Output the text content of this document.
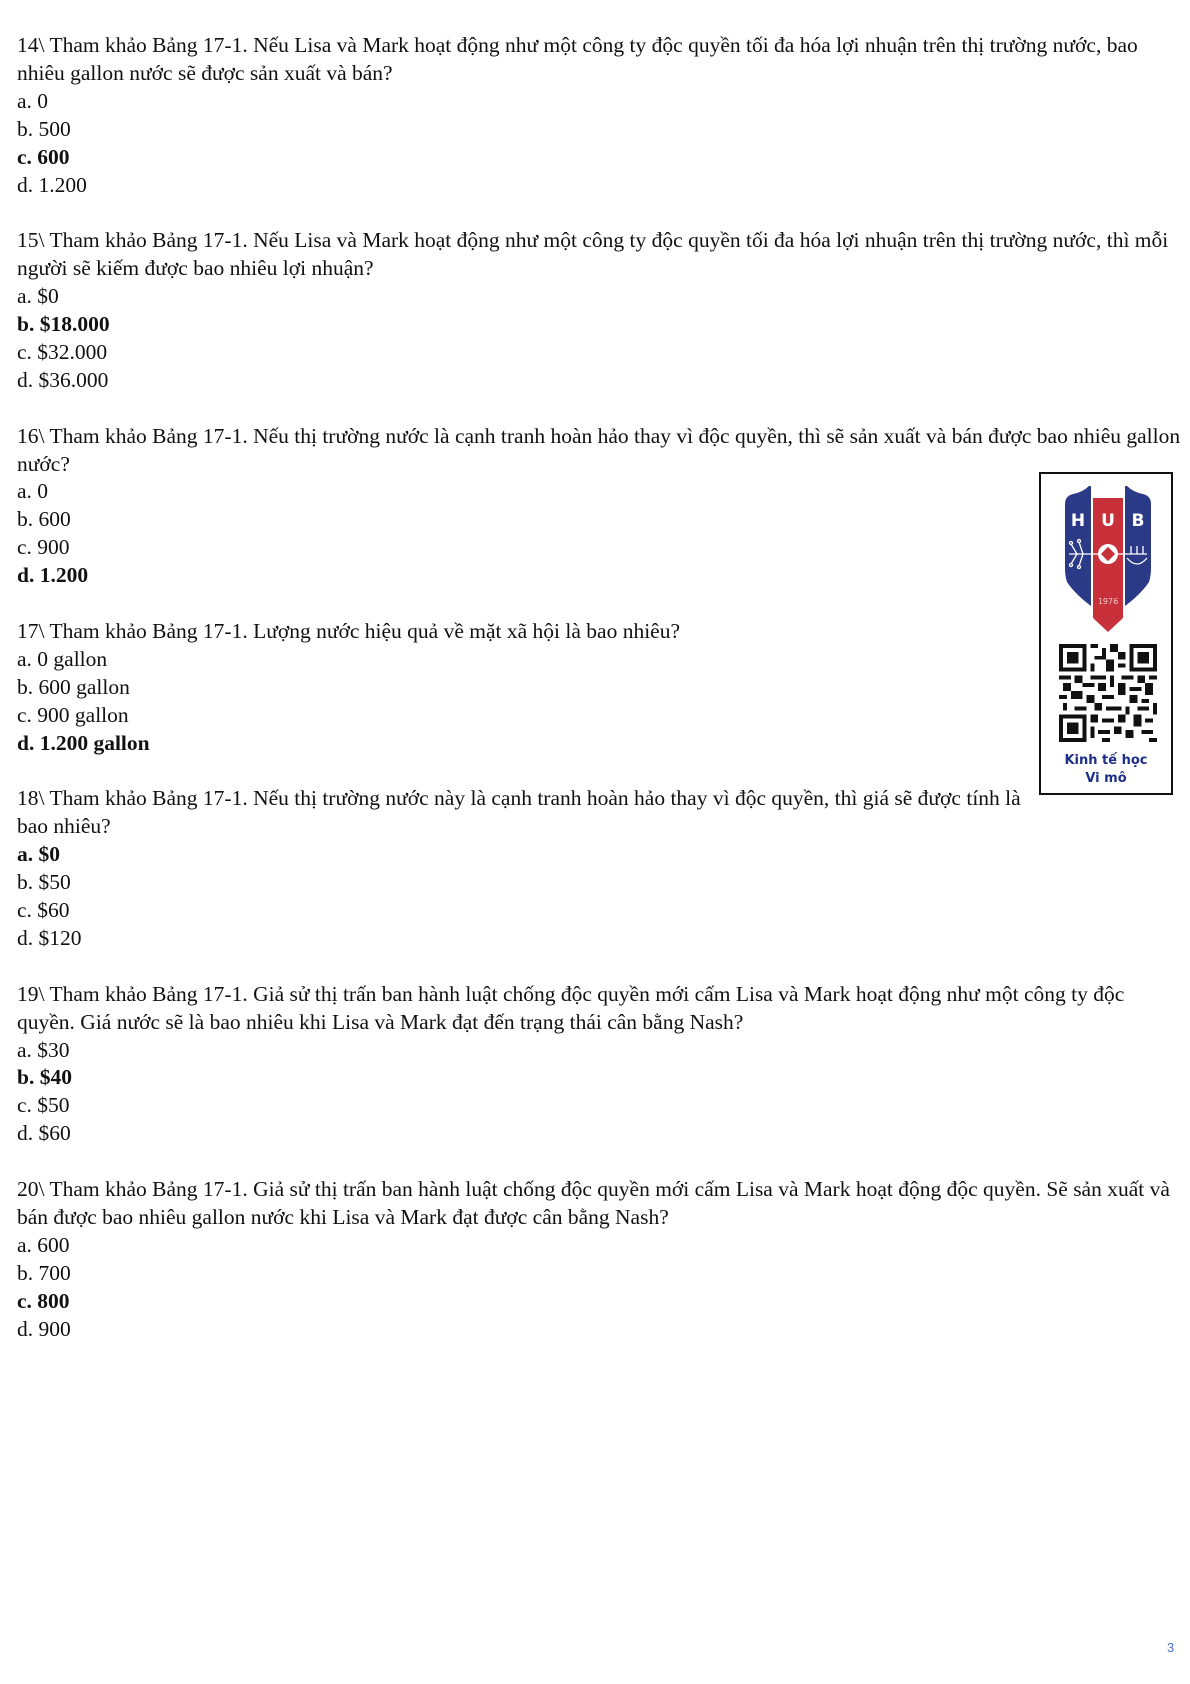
14\ Tham khảo Bảng 17-1. Nếu Lisa và Mark hoạt động như một công ty độc quyền tối đa hóa lợi nhuận trên thị trường nước, bao nhiêu gallon nước sẽ được sản xuất và bán?
a. 0
b. 500
c. 600
d. 1.200
15\ Tham khảo Bảng 17-1. Nếu Lisa và Mark hoạt động như một công ty độc quyền tối đa hóa lợi nhuận trên thị trường nước, thì mỗi người sẽ kiếm được bao nhiêu lợi nhuận?
a. $0
b. $18.000
c. $32.000
d. $36.000
16\ Tham khảo Bảng 17-1. Nếu thị trường nước là cạnh tranh hoàn hảo thay vì độc quyền, thì sẽ sản xuất và bán được bao nhiêu gallon nước?
a. 0
b. 600
c. 900
d. 1.200
17\ Tham khảo Bảng 17-1. Lượng nước hiệu quả về mặt xã hội là bao nhiêu?
a. 0 gallon
b. 600 gallon
c. 900 gallon
d. 1.200 gallon
18\ Tham khảo Bảng 17-1. Nếu thị trường nước này là cạnh tranh hoàn hảo thay vì độc quyền, thì giá sẽ được tính là bao nhiêu?
a. $0
b. $50
c. $60
d. $120
19\ Tham khảo Bảng 17-1. Giả sử thị trấn ban hành luật chống độc quyền mới cấm Lisa và Mark hoạt động như một công ty độc quyền. Giá nước sẽ là bao nhiêu khi Lisa và Mark đạt đến trạng thái cân bằng Nash?
a. $30
b. $40
c. $50
d. $60
20\ Tham khảo Bảng 17-1. Giả sử thị trấn ban hành luật chống độc quyền mới cấm Lisa và Mark hoạt động độc quyền. Sẽ sản xuất và bán được bao nhiêu gallon nước khi Lisa và Mark đạt được cân bằng Nash?
a. 600
b. 700
c. 800
d. 900
H U B
1976
Kinh tế học
Vi mô
3
